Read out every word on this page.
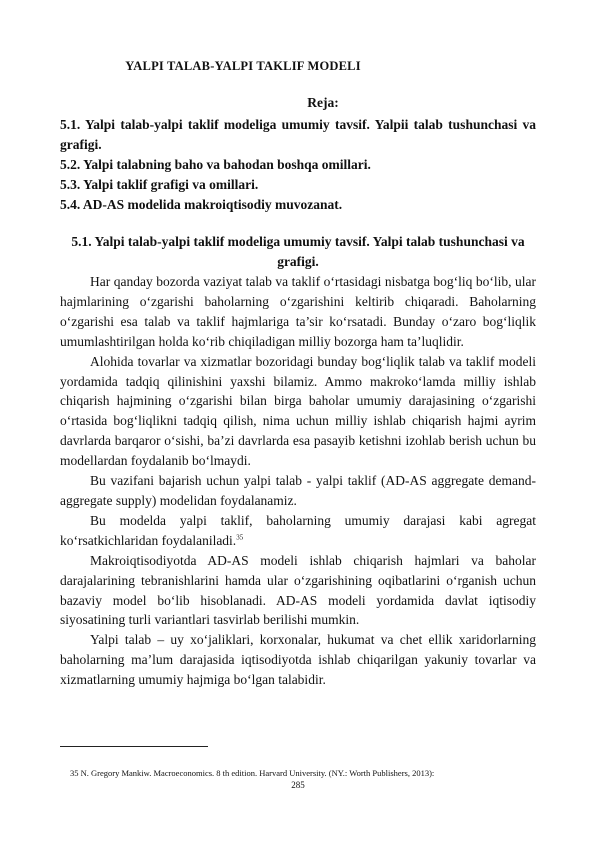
YALPI TALAB-YALPI TAKLIF MODELI
Reja:
5.1. Yalpi talab-yalpi taklif modeliga umumiy tavsif. Yalpii talab tushunchasi va grafigi.
5.2. Yalpi talabning baho va bahodan boshqa omillari.
5.3. Yalpi taklif grafigi va omillari.
5.4. AD-AS modelida makroiqtisodiy muvozanat.
5.1. Yalpi talab-yalpi taklif modeliga umumiy tavsif. Yalpi talab tushunchasi va grafigi.

Har qanday bozorda vaziyat talab va taklif o‘rtasidagi nisbatga bog‘liq bo‘lib, ular hajmlarining o‘zgarishi baholarning o‘zgarishini keltirib chiqaradi. Baholarning o‘zgarishi esa talab va taklif hajmlariga ta’sir ko‘rsatadi. Bunday o‘zaro bog‘liqlik umumlashtirilgan holda ko‘rib chiqiladigan milliy bozorga ham ta’luqlidir.

Alohida tovarlar va xizmatlar bozoridagi bunday bog‘liqlik talab va taklif modeli yordamida tadqiq qilinishini yaxshi bilamiz. Ammo makroko‘lamda milliy ishlab chiqarish hajmining o‘zgarishi bilan birga baholar umumiy darajasining o‘zgarishi o‘rtasida bog‘liqlikni tadqiq qilish, nima uchun milliy ishlab chiqarish hajmi ayrim davrlarda barqaror o‘sishi, ba’zi davrlarda esa pasayib ketishni izohlab berish uchun bu modellardan foydalanib bo‘lmaydi.

Bu vazifani bajarish uchun yalpi talab - yalpi taklif (AD-AS aggregate demand- aggregate supply) modelidan foydalanamiz.

Bu modelda yalpi taklif, baholarning umumiy darajasi kabi agregat ko‘rsatkichlaridan foydalaniladi.$^{35}$

Makroiqtisodiyotda AD-AS modeli ishlab chiqarish hajmlari va baholar darajalarining tebranishlarini hamda ular o‘zgarishining oqibatlarini o‘rganish uchun bazaviy model bo‘lib hisoblanadi. AD-AS modeli yordamida davlat iqtisodiy siyosatining turli variantlari tasvirlab berilishi mumkin.

Yalpi talab – uy xo‘jaliklari, korxonalar, hukumat va chet ellik xaridorlarning baholarning ma’lum darajasida iqtisodiyotda ishlab chiqarilgan yakuniy tovarlar va xizmatlarning umumiy hajmiga bo‘lgan talabidir.

35 N. Gregory Mankiw. Macroeconomics. 8 th edition. Harvard University. (NY.: Worth Publishers, 2013):
285
